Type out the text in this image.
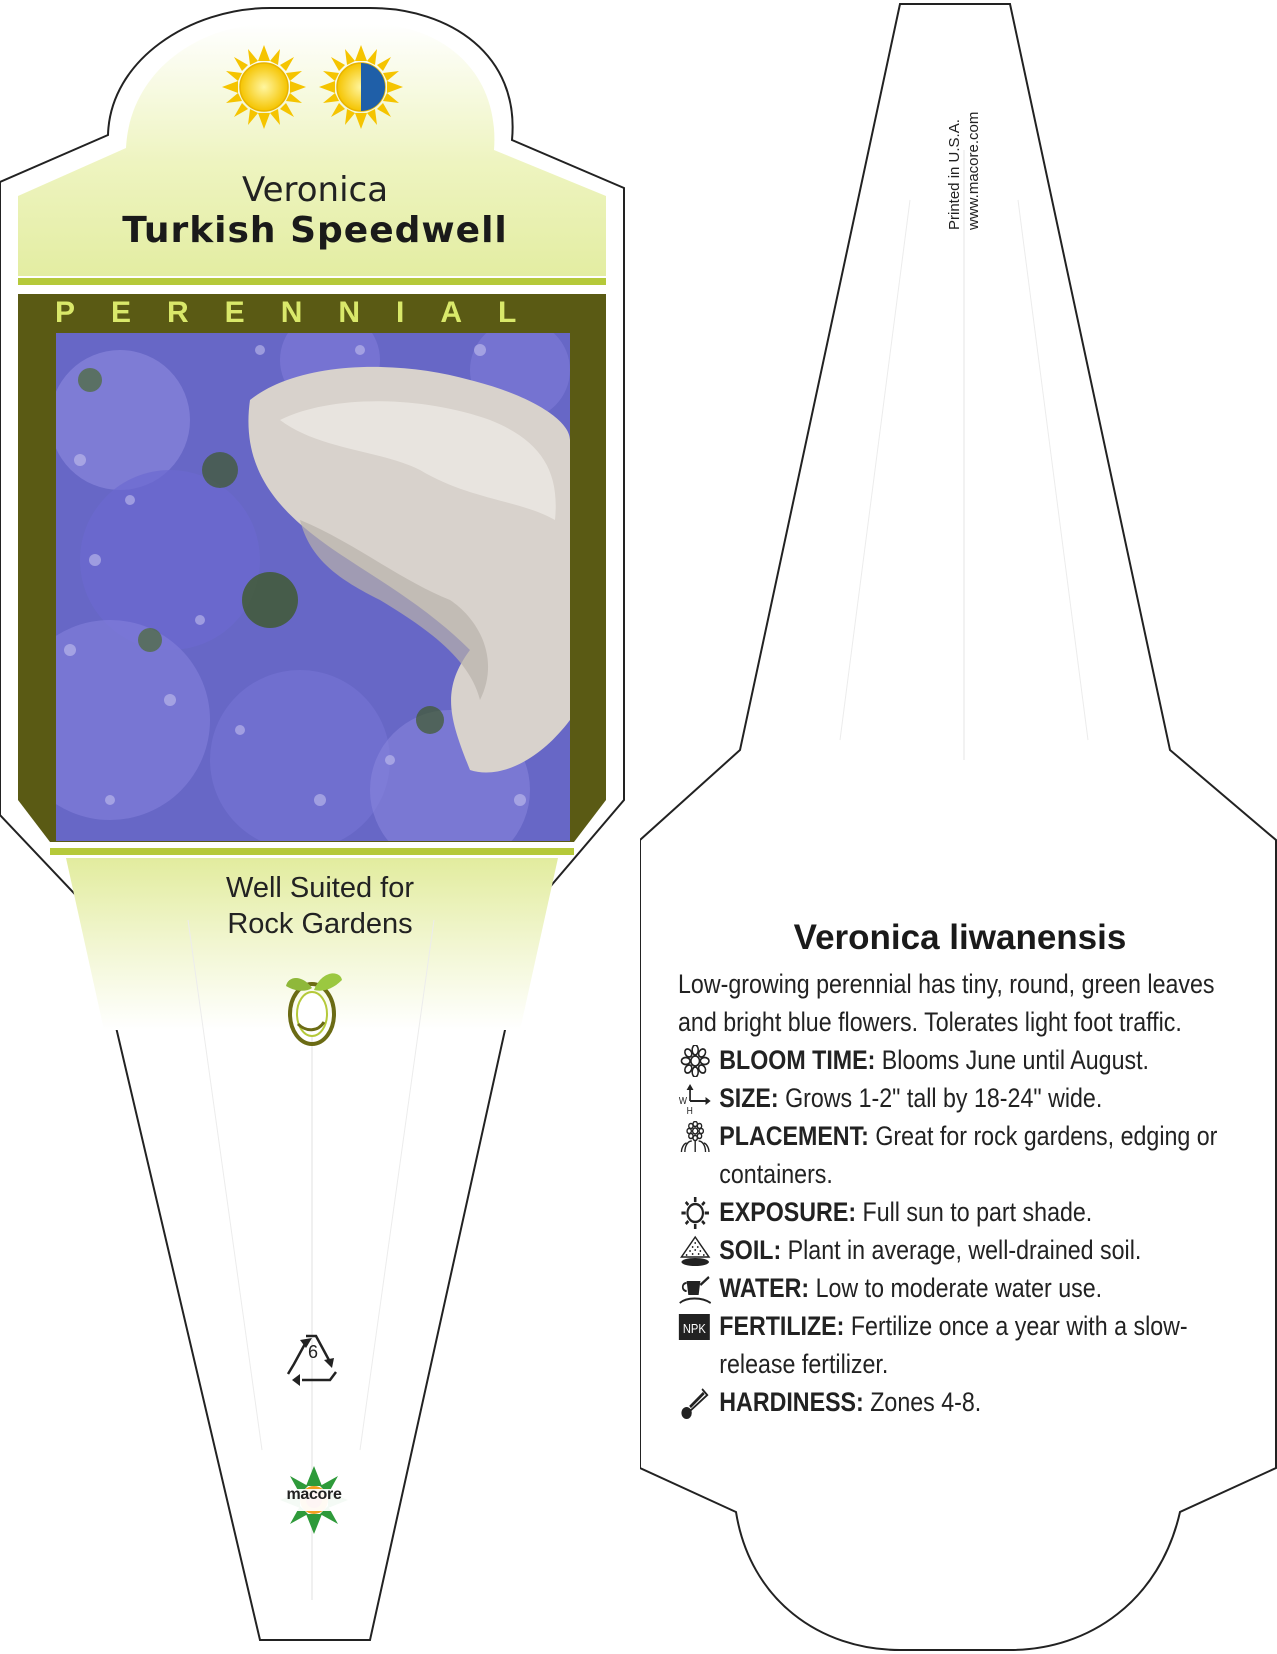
Veronica
Turkish Speedwell
PERENNIAL
Well Suited for
Rock Gardens
6
macore
Printed in U.S.A. www.macore.com
Veronica liwanensis

Low-growing perennial has tiny, round, green leaves and bright blue flowers. Tolerates light foot traffic.

BLOOM TIME: Blooms June until August.
W
H SIZE: Grows 1-2" tall by 18-24" wide.
PLACEMENT: Great for rock gardens, edging or containers.
EXPOSURE: Full sun to part shade.
SOIL: Plant in average, well-drained soil.
WATER: Low to moderate water use.
NPK FERTILIZE: Fertilize once a year with a slow-release fertilizer.
HARDINESS: Zones 4-8.
